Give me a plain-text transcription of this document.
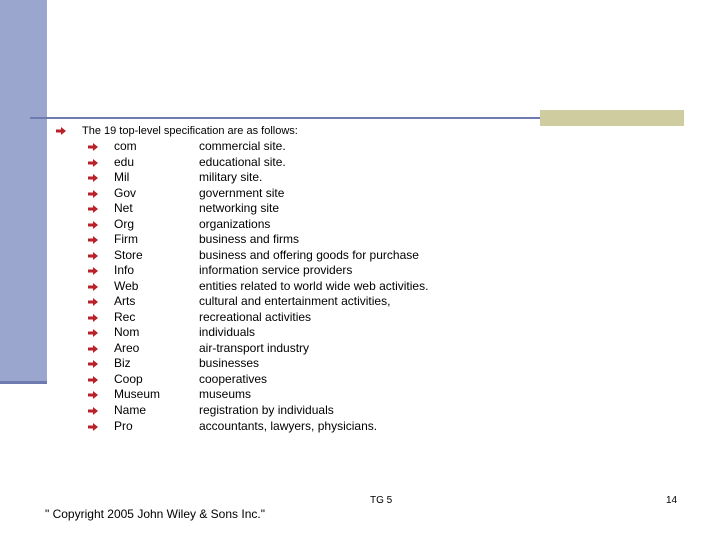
The 19 top-level specification are as follows:
com	commercial site.
edu	educational site.
Mil	military site.
Gov	government site
Net	networking site
Org	organizations
Firm	business and firms
Store	business and offering goods for purchase
Info	information service providers
Web	entities related to world wide web activities.
Arts	cultural and entertainment activities,
Rec	recreational activities
Nom	individuals
Areo	air-transport industry
Biz	businesses
Coop	cooperatives
Museum	museums
Name	registration by individuals
Pro	accountants, lawyers, physicians.
" Copyright 2005 John Wiley & Sons Inc."
TG 5	14
